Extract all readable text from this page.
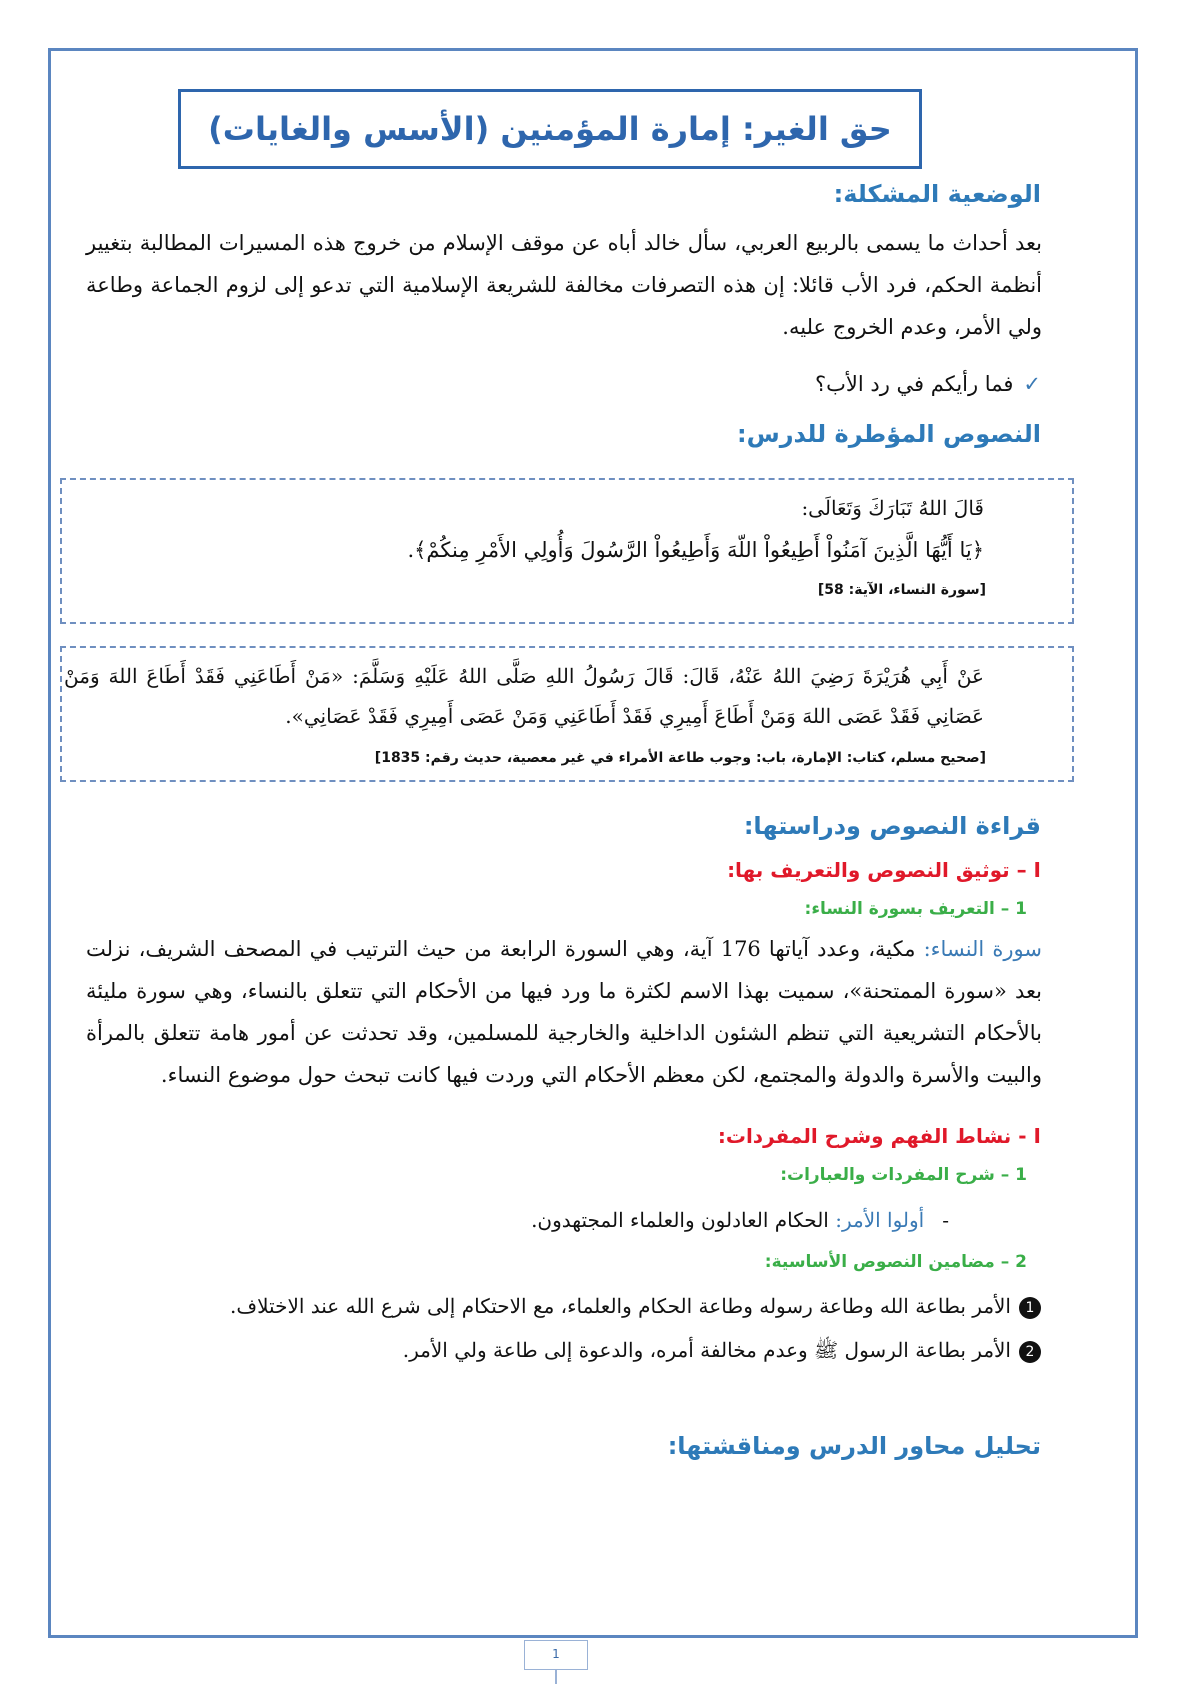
حق الغير: إمارة المؤمنين (الأسس والغايات)
الوضعية المشكلة:
بعد أحداث ما يسمى بالربيع العربي، سأل خالد أباه عن موقف الإسلام من خروج هذه المسيرات المطالبة بتغيير أنظمة الحكم، فرد الأب قائلا: إن هذه التصرفات مخالفة للشريعة الإسلامية التي تدعو إلى لزوم الجماعة وطاعة ولي الأمر، وعدم الخروج عليه.
✓فما رأيكم في رد الأب؟
النصوص المؤطرة للدرس:
قَالَ اللهُ تَبَارَكَ وَتَعَالَى:
﴿يَا أَيُّهَا الَّذِينَ آمَنُواْ أَطِيعُواْ اللّهَ وَأَطِيعُواْ الرَّسُولَ وَأُولِي الأَمْرِ مِنكُمْ﴾.
[سورة النساء، الآية: 58]
عَنْ أَبِي هُرَيْرَةَ رَضِيَ اللهُ عَنْهُ، قَالَ: قَالَ رَسُولُ اللهِ صَلَّى اللهُ عَلَيْهِ وَسَلَّمَ: «مَنْ أَطَاعَنِي فَقَدْ أَطَاعَ اللهَ وَمَنْ عَصَانِي فَقَدْ عَصَى اللهَ وَمَنْ أَطَاعَ أَمِيرِي فَقَدْ أَطَاعَنِي وَمَنْ عَصَى أَمِيرِي فَقَدْ عَصَانِي».
[صحيح مسلم، كتاب: الإمارة، باب: وجوب طاعة الأمراء في غير معصية، حديث رقم: 1835]
قراءة النصوص ودراستها:
I – توثيق النصوص والتعريف بها:
1 – التعريف بسورة النساء:
سورة النساء: مكية، وعدد آياتها 176 آية، وهي السورة الرابعة من حيث الترتيب في المصحف الشريف، نزلت بعد «سورة الممتحنة»، سميت بهذا الاسم لكثرة ما ورد فيها من الأحكام التي تتعلق بالنساء، وهي سورة مليئة بالأحكام التشريعية التي تنظم الشئون الداخلية والخارجية للمسلمين، وقد تحدثت عن أمور هامة تتعلق بالمرأة والبيت والأسرة والدولة والمجتمع، لكن معظم الأحكام التي وردت فيها كانت تبحث حول موضوع النساء.
I - نشاط الفهم وشرح المفردات:
1 – شرح المفردات والعبارات:
-أولوا الأمر: الحكام العادلون والعلماء المجتهدون.
2 – مضامين النصوص الأساسية:
1الأمر بطاعة الله وطاعة رسوله وطاعة الحكام والعلماء، مع الاحتكام إلى شرع الله عند الاختلاف.
2الأمر بطاعة الرسول ﷺ وعدم مخالفة أمره، والدعوة إلى طاعة ولي الأمر.
تحليل محاور الدرس ومناقشتها:
1
